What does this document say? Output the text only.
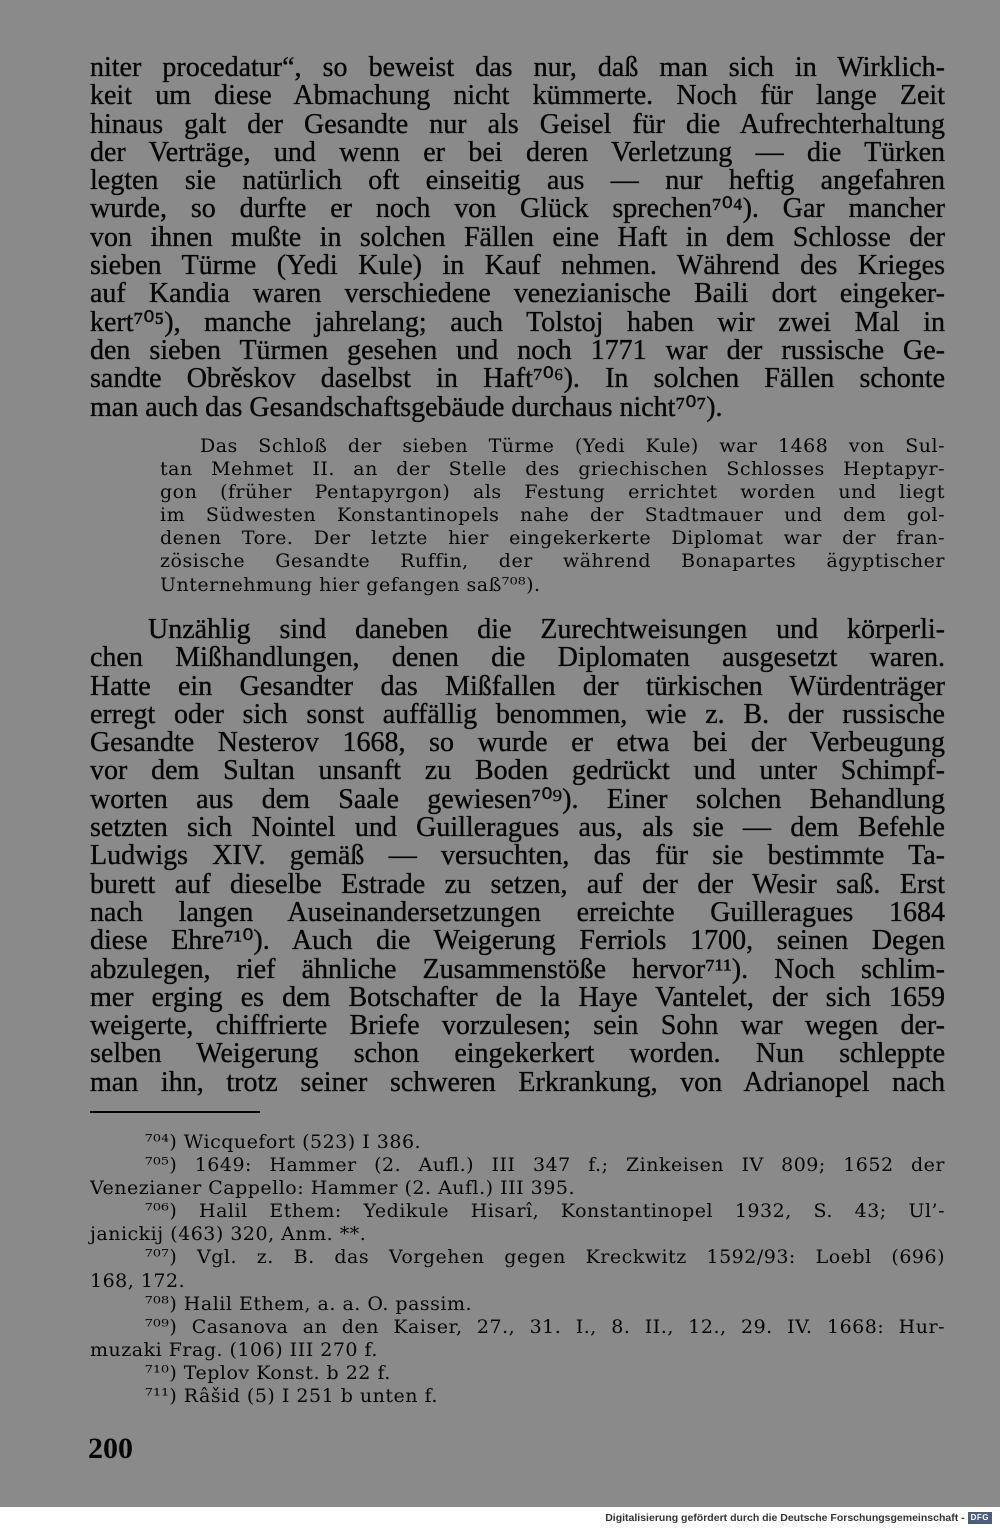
niter procedatur“, so beweist das nur, daß man sich in Wirklich-
keit um diese Abmachung nicht kümmerte. Noch für lange Zeit
hinaus galt der Gesandte nur als Geisel für die Aufrechterhaltung
der Verträge, und wenn er bei deren Verletzung — die Türken
legten sie natürlich oft einseitig aus — nur heftig angefahren
wurde, so durfte er noch von Glück sprechen⁷⁰⁴). Gar mancher
von ihnen mußte in solchen Fällen eine Haft in dem Schlosse der
sieben Türme (Yedi Kule) in Kauf nehmen. Während des Krieges
auf Kandia waren verschiedene venezianische Baili dort eingeker-
kert⁷⁰⁵), manche jahrelang; auch Tolstoj haben wir zwei Mal in
den sieben Türmen gesehen und noch 1771 war der russische Ge-
sandte Obrěskov daselbst in Haft⁷⁰⁶). In solchen Fällen schonte
man auch das Gesandschaftsgebäude durchaus nicht⁷⁰⁷).
Das Schloß der sieben Türme (Yedi Kule) war 1468 von Sul-
tan Mehmet II. an der Stelle des griechischen Schlosses Heptapyr-
gon (früher Pentapyrgon) als Festung errichtet worden und liegt
im Südwesten Konstantinopels nahe der Stadtmauer und dem gol-
denen Tore. Der letzte hier eingekerkerte Diplomat war der fran-
zösische Gesandte Ruffin, der während Bonapartes ägyptischer
Unternehmung hier gefangen saß⁷⁰⁸).
Unzählig sind daneben die Zurechtweisungen und körperli-
chen Mißhandlungen, denen die Diplomaten ausgesetzt waren.
Hatte ein Gesandter das Mißfallen der türkischen Würdenträger
erregt oder sich sonst auffällig benommen, wie z. B. der russische
Gesandte Nesterov 1668, so wurde er etwa bei der Verbeugung
vor dem Sultan unsanft zu Boden gedrückt und unter Schimpf-
worten aus dem Saale gewiesen⁷⁰⁹). Einer solchen Behandlung
setzten sich Nointel und Guilleragues aus, als sie — dem Befehle
Ludwigs XIV. gemäß — versuchten, das für sie bestimmte Ta-
burett auf dieselbe Estrade zu setzen, auf der der Wesir saß. Erst
nach langen Auseinandersetzungen erreichte Guilleragues 1684
diese Ehre⁷¹⁰). Auch die Weigerung Ferriols 1700, seinen Degen
abzulegen, rief ähnliche Zusammenstöße hervor⁷¹¹). Noch schlim-
mer erging es dem Botschafter de la Haye Vantelet, der sich 1659
weigerte, chiffrierte Briefe vorzulesen; sein Sohn war wegen der-
selben Weigerung schon eingekerkert worden. Nun schleppte
man ihn, trotz seiner schweren Erkrankung, von Adrianopel nach
⁷⁰⁴) Wicquefort (523) I 386.
⁷⁰⁵) 1649: Hammer (2. Aufl.) III 347 f.; Zinkeisen IV 809; 1652 der
Venezianer Cappello: Hammer (2. Aufl.) III 395.
⁷⁰⁶) Halil Ethem: Yedikule Hisarî, Konstantinopel 1932, S. 43; Ul’-
janickij (463) 320, Anm. **.
⁷⁰⁷) Vgl. z. B. das Vorgehen gegen Kreckwitz 1592/93: Loebl (696)
168, 172.
⁷⁰⁸) Halil Ethem, a. a. O. passim.
⁷⁰⁹) Casanova an den Kaiser, 27., 31. I., 8. II., 12., 29. IV. 1668: Hur-
muzaki Frag. (106) III 270 f.
⁷¹⁰) Teplov Konst. b 22 f.
⁷¹¹) Râšid (5) I 251 b unten f.
200
Digitalisierung gefördert durch die Deutsche Forschungsgemeinschaft - DFG
